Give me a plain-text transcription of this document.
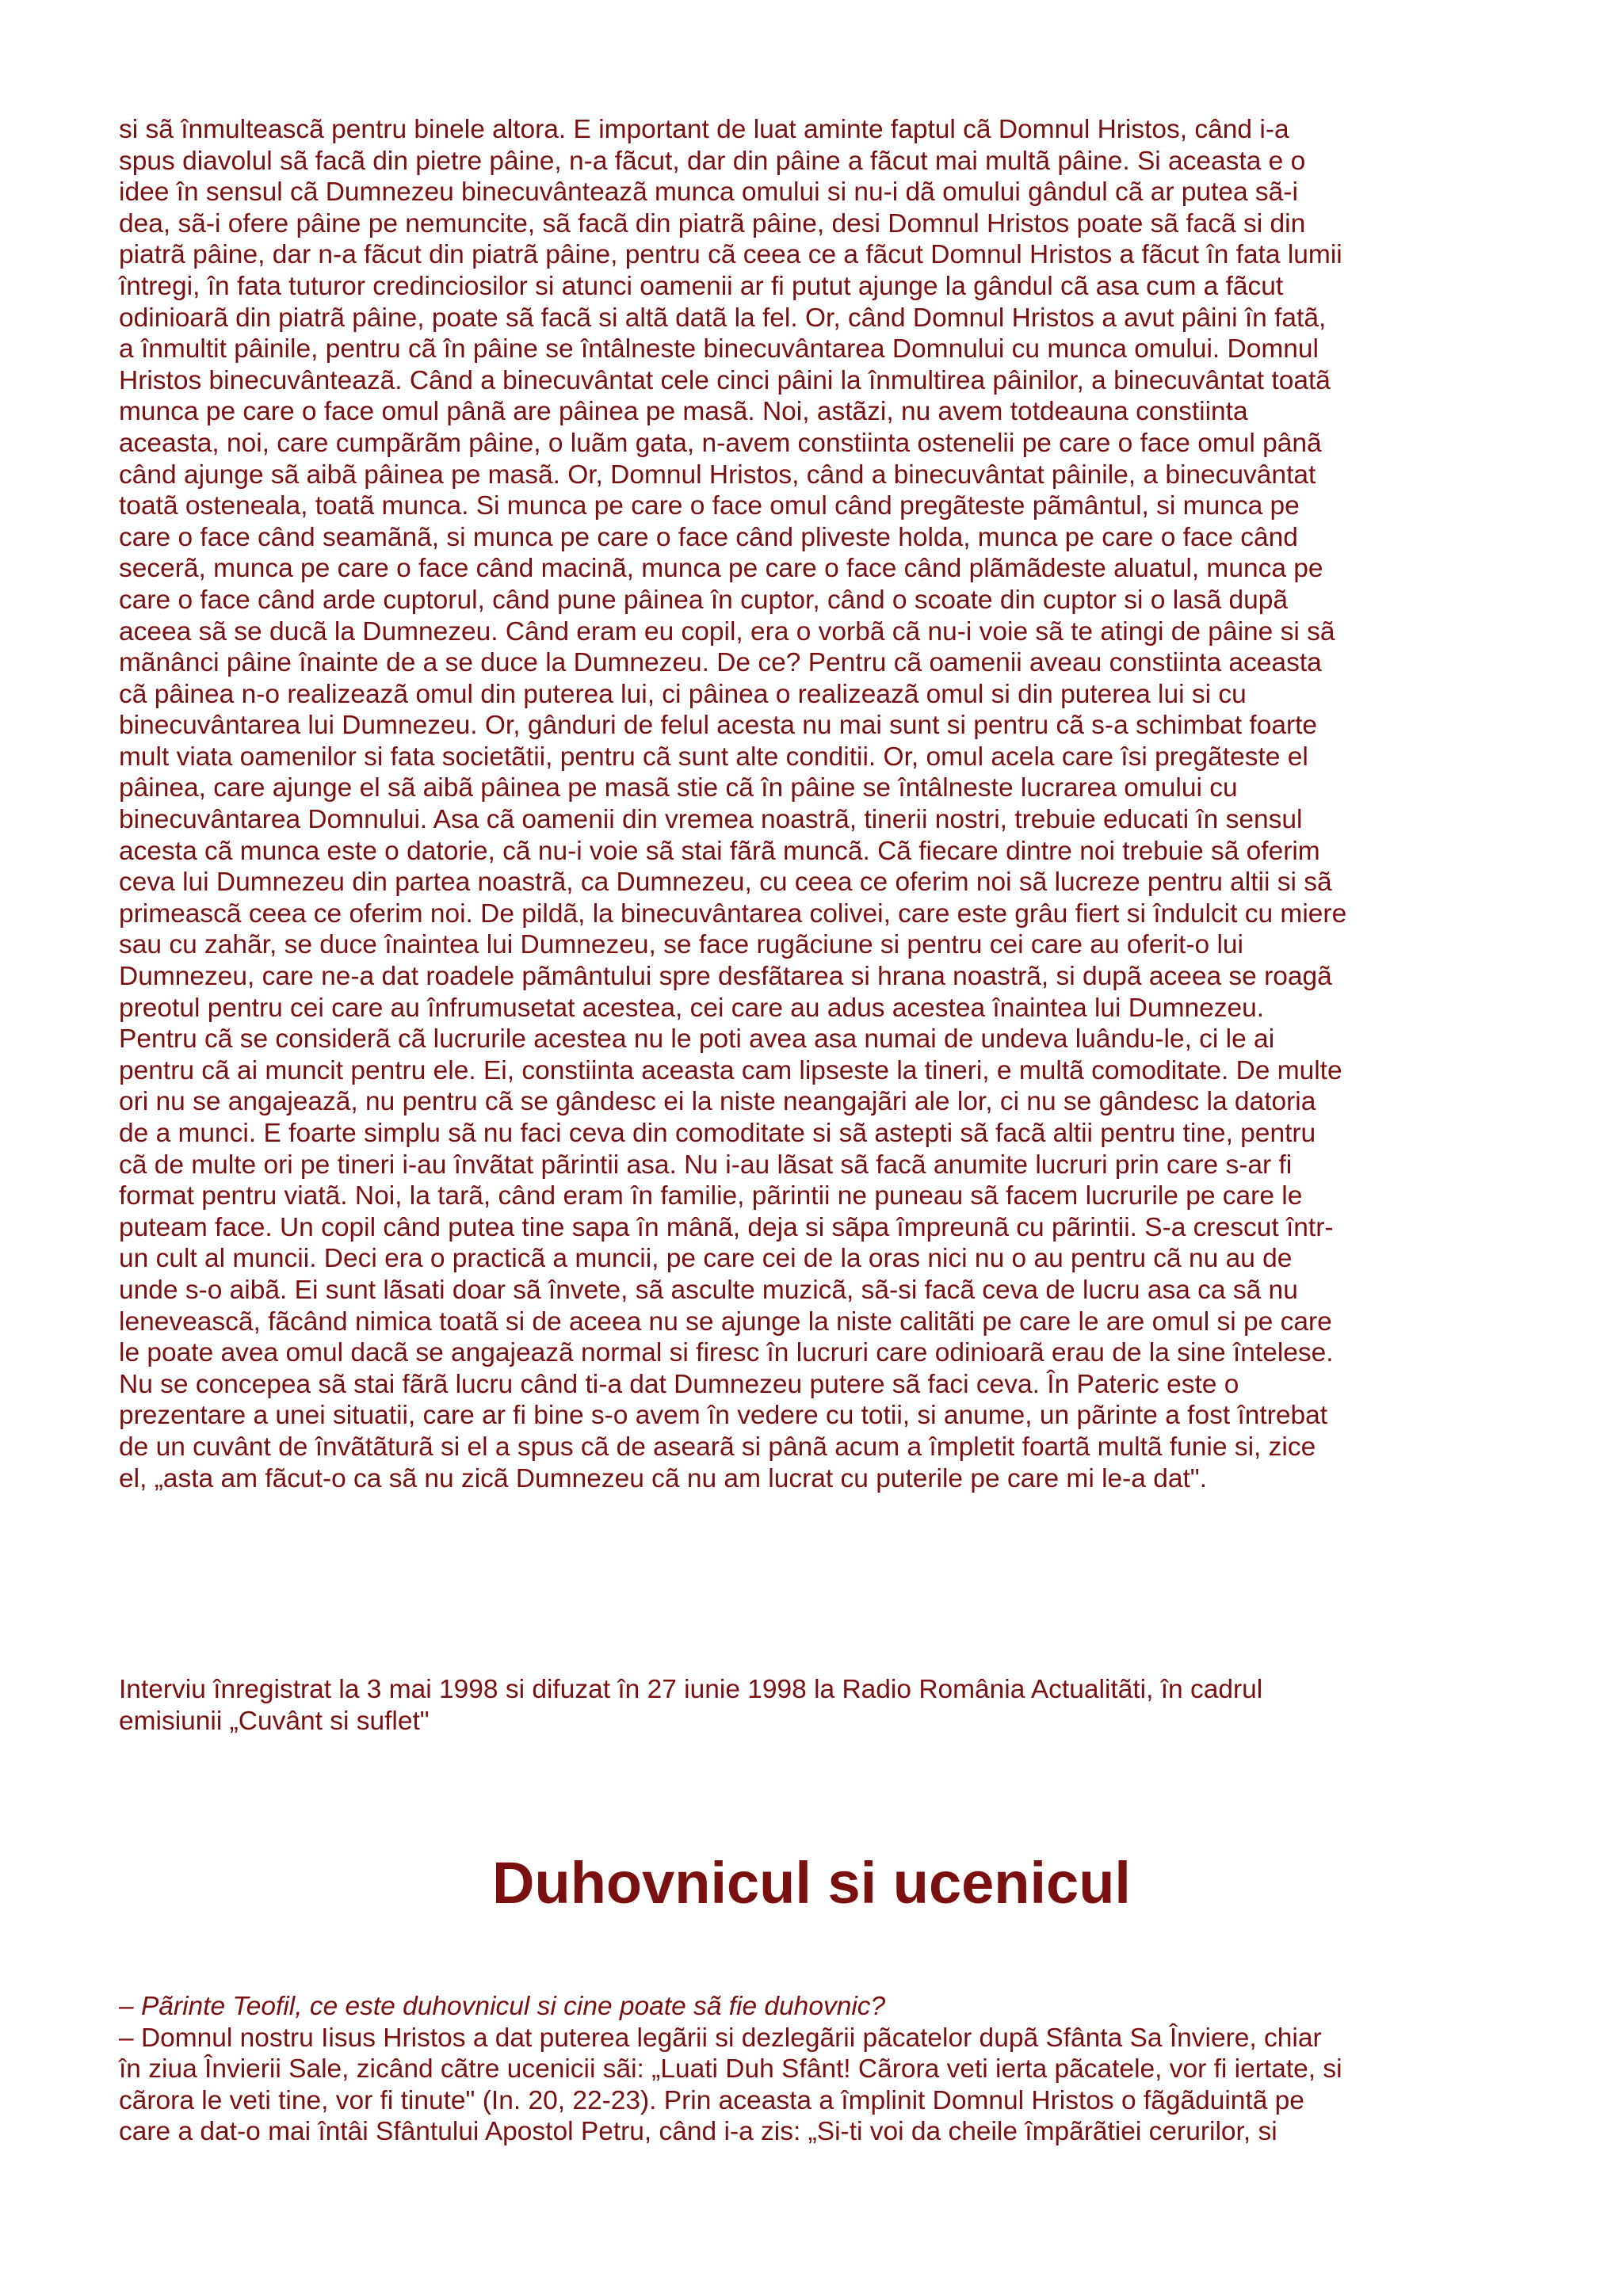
si sã înmulteascã pentru binele altora. E important de luat aminte faptul cã Domnul Hristos, când i-a
spus diavolul sã facã din pietre pâine, n-a fãcut, dar din pâine a fãcut mai multã pâine. Si aceasta e o
idee în sensul cã Dumnezeu binecuvânteazã munca omului si nu-i dã omului gândul cã ar putea sã-i
dea, sã-i ofere pâine pe nemuncite, sã facã din piatrã pâine, desi Domnul Hristos poate sã facã si din
piatrã pâine, dar n-a fãcut din piatrã pâine, pentru cã ceea ce a fãcut Domnul Hristos a fãcut în fata lumii
întregi, în fata tuturor credinciosilor si atunci oamenii ar fi putut ajunge la gândul cã asa cum a fãcut
odinioarã din piatrã pâine, poate sã facã si altã datã la fel. Or, când Domnul Hristos a avut pâini în fatã,
a înmultit pâinile, pentru cã în pâine se întâlneste binecuvântarea Domnului cu munca omului. Domnul
Hristos binecuvânteazã. Când a binecuvântat cele cinci pâini la înmultirea pâinilor, a binecuvântat toatã
munca pe care o face omul pânã are pâinea pe masã. Noi, astãzi, nu avem totdeauna constiinta
aceasta, noi, care cumpãrãm pâine, o luãm gata, n-avem constiinta ostenelii pe care o face omul pânã
când ajunge sã aibã pâinea pe masã. Or, Domnul Hristos, când a binecuvântat pâinile, a binecuvântat
toatã osteneala, toatã munca. Si munca pe care o face omul când pregãteste pãmântul, si munca pe
care o face când seamãnã, si munca pe care o face când pliveste holda, munca pe care o face când
secerã, munca pe care o face când macinã, munca pe care o face când plãmãdeste aluatul, munca pe
care o face când arde cuptorul, când pune pâinea în cuptor, când o scoate din cuptor si o lasã dupã
aceea sã se ducã la Dumnezeu. Când eram eu copil, era o vorbã cã nu-i voie sã te atingi de pâine si sã
mãnânci pâine înainte de a se duce la Dumnezeu. De ce? Pentru cã oamenii aveau constiinta aceasta
cã pâinea n-o realizeazã omul din puterea lui, ci pâinea o realizeazã omul si din puterea lui si cu
binecuvântarea lui Dumnezeu. Or, gânduri de felul acesta nu mai sunt si pentru cã s-a schimbat foarte
mult viata oamenilor si fata societãtii, pentru cã sunt alte conditii. Or, omul acela care îsi pregãteste el
pâinea, care ajunge el sã aibã pâinea pe masã stie cã în pâine se întâlneste lucrarea omului cu
binecuvântarea Domnului. Asa cã oamenii din vremea noastrã, tinerii nostri, trebuie educati în sensul
acesta cã munca este o datorie, cã nu-i voie sã stai fãrã muncã. Cã fiecare dintre noi trebuie sã oferim
ceva lui Dumnezeu din partea noastrã, ca Dumnezeu, cu ceea ce oferim noi sã lucreze pentru altii si sã
primeascã ceea ce oferim noi. De pildã, la binecuvântarea colivei, care este grâu fiert si îndulcit cu miere
sau cu zahãr, se duce înaintea lui Dumnezeu, se face rugãciune si pentru cei care au oferit-o lui
Dumnezeu, care ne-a dat roadele pãmântului spre desfãtarea si hrana noastrã, si dupã aceea se roagã
preotul pentru cei care au înfrumusetat acestea, cei care au adus acestea înaintea lui Dumnezeu.
Pentru cã se considerã cã lucrurile acestea nu le poti avea asa numai de undeva luându-le, ci le ai
pentru cã ai muncit pentru ele. Ei, constiinta aceasta cam lipseste la tineri, e multã comoditate. De multe
ori nu se angajeazã, nu pentru cã se gândesc ei la niste neangajãri ale lor, ci nu se gândesc la datoria
de a munci. E foarte simplu sã nu faci ceva din comoditate si sã astepti sã facã altii pentru tine, pentru
cã de multe ori pe tineri i-au învãtat pãrintii asa. Nu i-au lãsat sã facã anumite lucruri prin care s-ar fi
format pentru viatã. Noi, la tarã, când eram în familie, pãrintii ne puneau sã facem lucrurile pe care le
puteam face. Un copil când putea tine sapa în mânã, deja si sãpa împreunã cu pãrintii. S-a crescut într-
un cult al muncii. Deci era o practicã a muncii, pe care cei de la oras nici nu o au pentru cã nu au de
unde s-o aibã. Ei sunt lãsati doar sã învete, sã asculte muzicã, sã-si facã ceva de lucru asa ca sã nu
leneveascã, fãcând nimica toatã si de aceea nu se ajunge la niste calitãti pe care le are omul si pe care
le poate avea omul dacã se angajeazã normal si firesc în lucruri care odinioarã erau de la sine întelese.
Nu se concepea sã stai fãrã lucru când ti-a dat Dumnezeu putere sã faci ceva. În Pateric este o
prezentare a unei situatii, care ar fi bine s-o avem în vedere cu totii, si anume, un pãrinte a fost întrebat
de un cuvânt de învãtãturã si el a spus cã de asearã si pânã acum a împletit foartã multã funie si, zice
el, „asta am fãcut-o ca sã nu zicã Dumnezeu cã nu am lucrat cu puterile pe care mi le-a dat".
Interviu înregistrat la 3 mai 1998 si difuzat în 27 iunie 1998 la Radio România Actualitãti, în cadrul
emisiunii „Cuvânt si suflet"
Duhovnicul si ucenicul
– Pãrinte Teofil, ce este duhovnicul si cine poate sã fie duhovnic?
– Domnul nostru Iisus Hristos a dat puterea legãrii si dezlegãrii pãcatelor dupã Sfânta Sa Înviere, chiar
în ziua Învierii Sale, zicând cãtre ucenicii sãi: „Luati Duh Sfânt! Cãrora veti ierta pãcatele, vor fi iertate, si
cãrora le veti tine, vor fi tinute" (In. 20, 22-23). Prin aceasta a împlinit Domnul Hristos o fãgãduintã pe
care a dat-o mai întâi Sfântului Apostol Petru, când i-a zis: „Si-ti voi da cheile împãrãtiei cerurilor, si
